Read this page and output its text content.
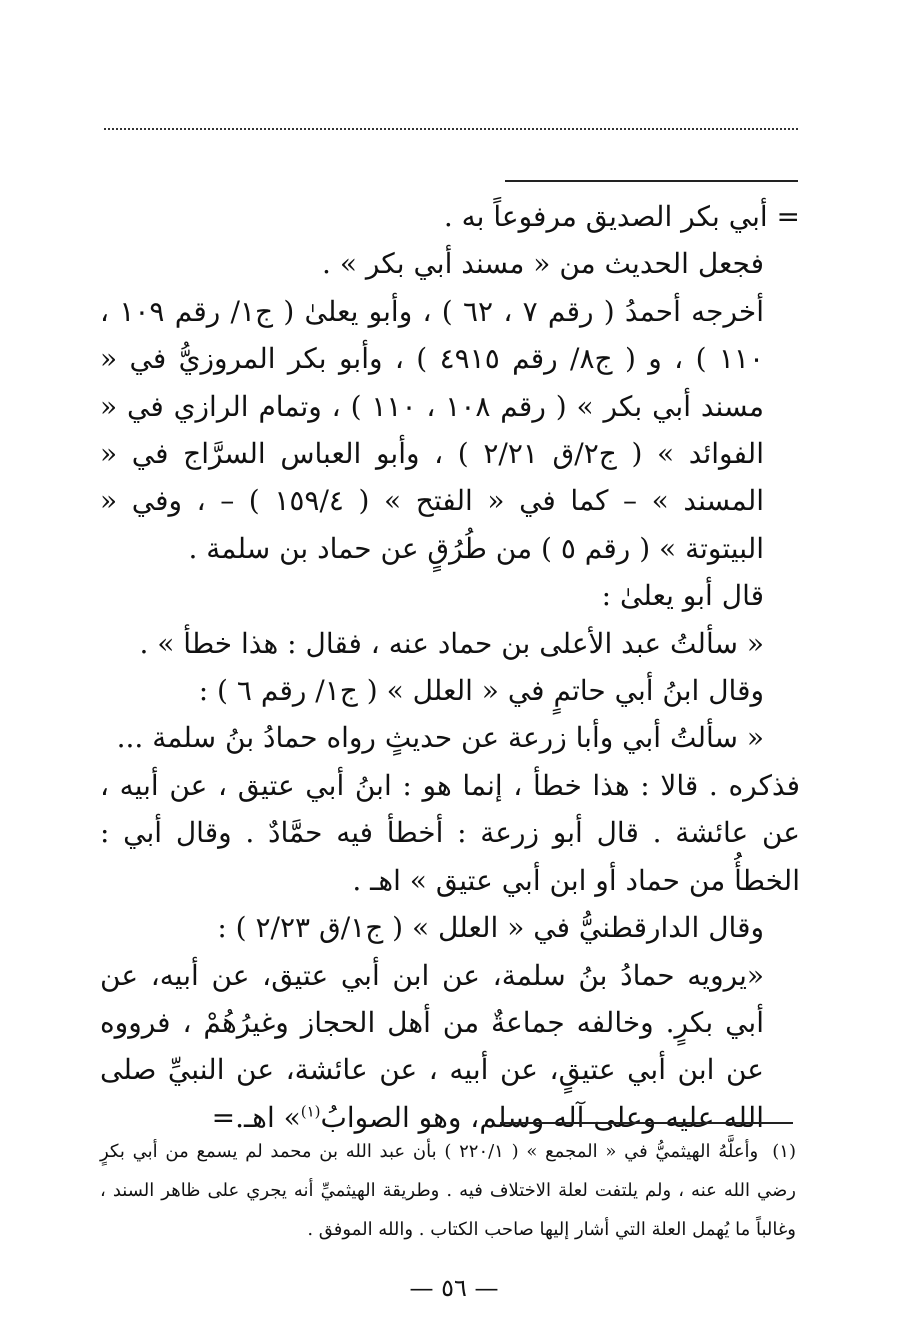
= أبي بكر الصديق مرفوعاً به .

فجعل الحديث من « مسند أبي بكر » .

أخرجه أحمدُ ( رقم ٧ ، ٦٢ ) ، وأبو يعلىٰ ( ج١/ رقم ١٠٩ ، ١١٠ ) ، و ( ج٨/ رقم ٤٩١٥ ) ، وأبو بكر المروزيُّ في « مسند أبي بكر » ( رقم ١٠٨ ، ١١٠ ) ، وتمام الرازي في « الفوائد » ( ج٢/ق ٢/٢١ ) ، وأبو العباس السرَّاج في « المسند » – كما في « الفتح » ( ١٥٩/٤ ) – ، وفي « البيتوتة » ( رقم ٥ ) من طُرُقٍ عن حماد بن سلمة .

قال أبو يعلىٰ :

« سألتُ عبد الأعلى بن حماد عنه ، فقال : هذا خطأ » .

وقال ابنُ أبي حاتمٍ في « العلل » ( ج١/ رقم ٦ ) :

« سألتُ أبي وأبا زرعة عن حديثٍ رواه حمادُ بنُ سلمة ...

فذكره . قالا : هذا خطأ ، إنما هو : ابنُ أبي عتيق ، عن أبيه ، عن عائشة . قال أبو زرعة : أخطأ فيه حمَّادٌ . وقال أبي : الخطأُ من حماد أو ابن أبي عتيق » اهـ .

وقال الدارقطنيُّ في « العلل » ( ج١/ق ٢/٢٣ ) :

«يرويه حمادُ بنُ سلمة، عن ابن أبي عتيق، عن أبيه، عن أبي بكرٍ. وخالفه جماعةٌ من أهل الحجاز وغيرُهُمْ ، فرووه عن ابن أبي عتيقٍ، عن أبيه ، عن عائشة، عن النبيِّ صلى الله عليه وعلى آله وسلم، وهو الصوابُ$^{(١)}$» اهـ.=

(١)وأعلَّهُ الهيثميُّ في « المجمع » ( ٢٢٠/١ ) بأن عبد الله بن محمد لم يسمع من أبي بكرٍ رضي الله عنه ، ولم يلتفت لعلة الاختلاف فيه . وطريقة الهيثميِّ أنه يجري على ظاهر السند ، وغالباً ما يُهمل العلة التي أشار إليها صاحب الكتاب . والله الموفق .

— ٥٦ —
